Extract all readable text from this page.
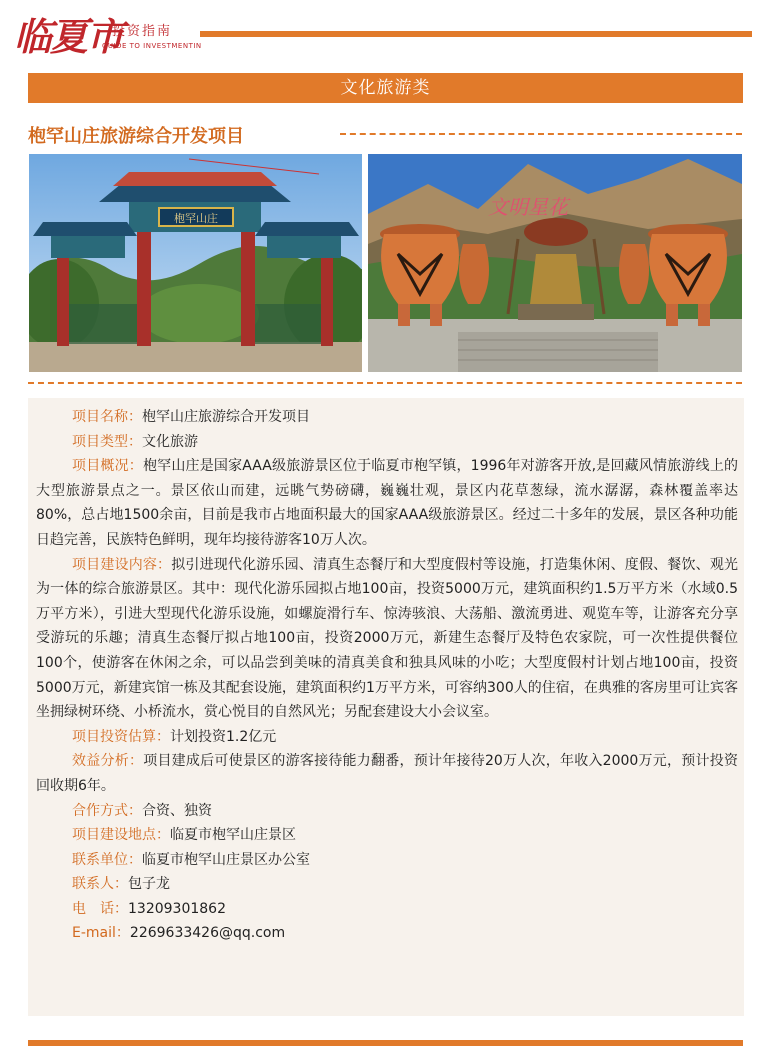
临夏市
投资指南
GUIDE TO INVESTMENTIN
文化旅游类
枹罕山庄旅游综合开发项目
枹罕山庄	文明星花

项目名称：枹罕山庄旅游综合开发项目

项目类型：文化旅游

项目概况：枹罕山庄是国家AAA级旅游景区位于临夏市枹罕镇，1996年对游客开放,是回藏风情旅游线上的大型旅游景点之一。景区依山而建，远眺气势磅礴，巍巍壮观，景区内花草葱绿，流水潺潺，森林覆盖率达80%，总占地1500余亩，目前是我市占地面积最大的国家AAA级旅游景区。经过二十多年的发展，景区各种功能日趋完善，民族特色鲜明，现年均接待游客10万人次。

项目建设内容：拟引进现代化游乐园、清真生态餐厅和大型度假村等设施，打造集休闲、度假、餐饮、观光为一体的综合旅游景区。其中：现代化游乐园拟占地100亩，投资5000万元，建筑面积约1.5万平方米（水域0.5万平方米），引进大型现代化游乐设施，如螺旋滑行车、惊涛骇浪、大荡船、激流勇进、观览车等，让游客充分享受游玩的乐趣；清真生态餐厅拟占地100亩，投资2000万元，新建生态餐厅及特色农家院，可一次性提供餐位100个，使游客在休闲之余，可以品尝到美味的清真美食和独具风味的小吃；大型度假村计划占地100亩，投资5000万元，新建宾馆一栋及其配套设施，建筑面积约1万平方米，可容纳300人的住宿，在典雅的客房里可让宾客坐拥绿树环绕、小桥流水，赏心悦目的自然风光；另配套建设大小会议室。

项目投资估算：计划投资1.2亿元

效益分析：项目建成后可使景区的游客接待能力翻番，预计年接待20万人次，年收入2000万元，预计投资回收期6年。

合作方式：合资、独资

项目建设地点：临夏市枹罕山庄景区

联系单位：临夏市枹罕山庄景区办公室

联系人：包子龙

电　话：13209301862

E-mail：2269633426@qq.com
